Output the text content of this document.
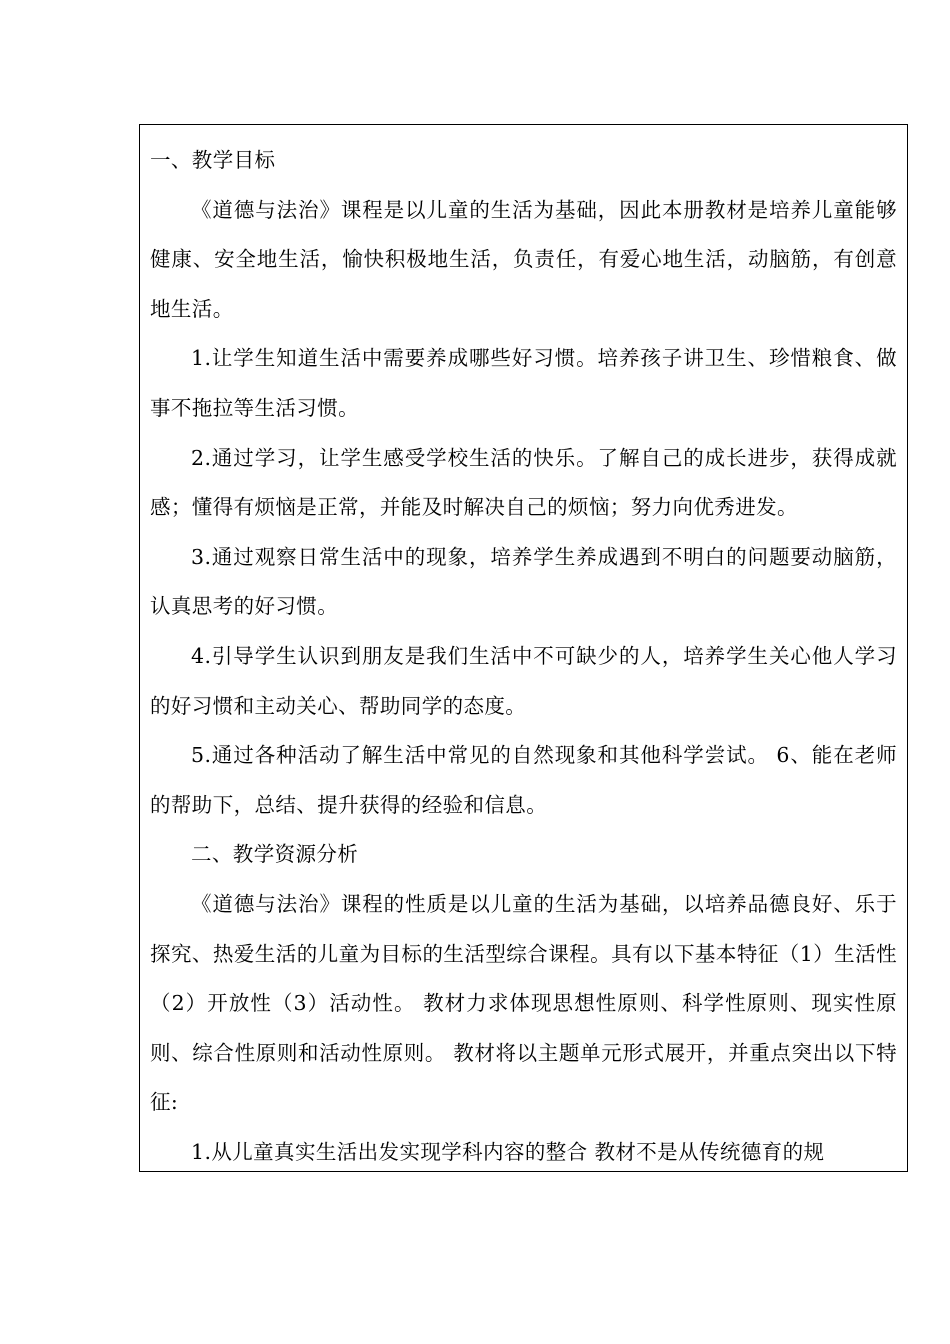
一、教学目标

《道德与法治》课程是以儿童的生活为基础，因此本册教材是培养儿童能够健康、安全地生活，愉快积极地生活，负责任，有爱心地生活，动脑筋，有创意地生活。

1.让学生知道生活中需要养成哪些好习惯。培养孩子讲卫生、珍惜粮食、做事不拖拉等生活习惯。

2.通过学习，让学生感受学校生活的快乐。了解自己的成长进步，获得成就感；懂得有烦恼是正常，并能及时解决自己的烦恼；努力向优秀进发。

3.通过观察日常生活中的现象，培养学生养成遇到不明白的问题要动脑筋，认真思考的好习惯。

4.引导学生认识到朋友是我们生活中不可缺少的人，培养学生关心他人学习的好习惯和主动关心、帮助同学的态度。

5.通过各种活动了解生活中常见的自然现象和其他科学尝试。 6、能在老师的帮助下，总结、提升获得的经验和信息。

二、教学资源分析

《道德与法治》课程的性质是以儿童的生活为基础，以培养品德良好、乐于探究、热爱生活的儿童为目标的生活型综合课程。具有以下基本特征（1）生活性（2）开放性（3）活动性。 教材力求体现思想性原则、科学性原则、现实性原则、综合性原则和活动性原则。 教材将以主题单元形式展开，并重点突出以下特征:

1.从儿童真实生活出发实现学科内容的整合 教材不是从传统德育的规
